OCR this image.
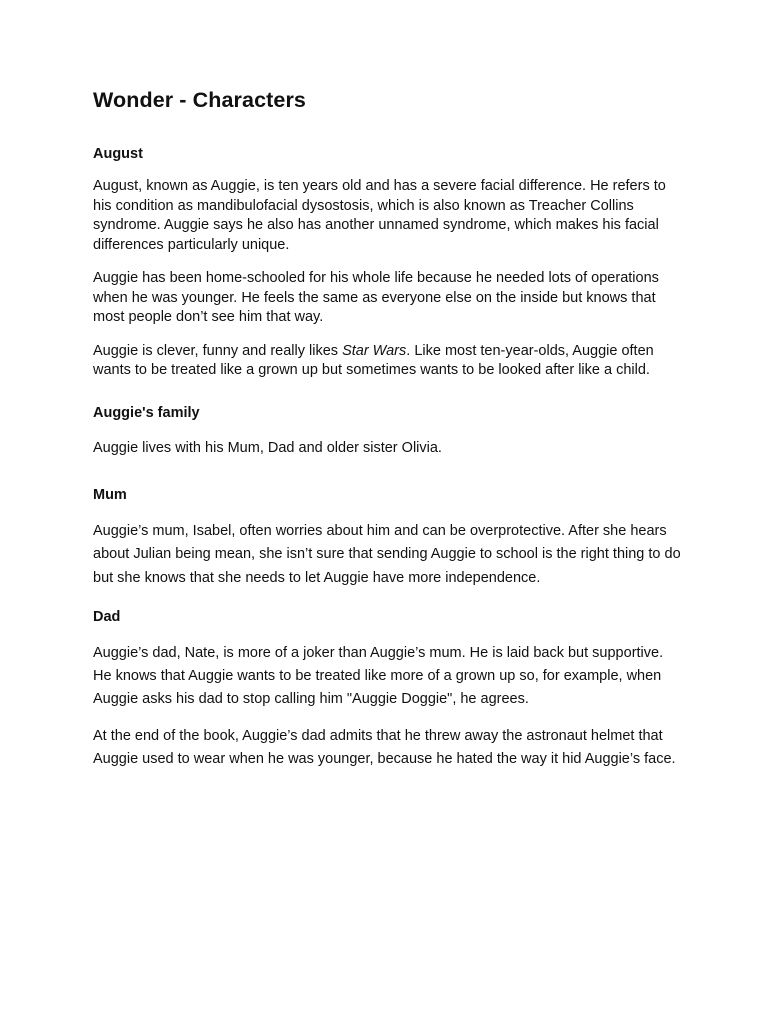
Wonder - Characters
August

August, known as Auggie, is ten years old and has a severe facial difference. He refers to his condition as mandibulofacial dysostosis, which is also known as Treacher Collins syndrome. Auggie says he also has another unnamed syndrome, which makes his facial differences particularly unique.

Auggie has been home-schooled for his whole life because he needed lots of operations when he was younger. He feels the same as everyone else on the inside but knows that most people don’t see him that way.

Auggie is clever, funny and really likes Star Wars. Like most ten-year-olds, Auggie often wants to be treated like a grown up but sometimes wants to be looked after like a child.

Auggie's family

Auggie lives with his Mum, Dad and older sister Olivia.

Mum

Auggie’s mum, Isabel, often worries about him and can be overprotective. After she hears about Julian being mean, she isn’t sure that sending Auggie to school is the right thing to do but she knows that she needs to let Auggie have more independence.

Dad

Auggie’s dad, Nate, is more of a joker than Auggie’s mum. He is laid back but supportive. He knows that Auggie wants to be treated like more of a grown up so, for example, when Auggie asks his dad to stop calling him "Auggie Doggie", he agrees.

At the end of the book, Auggie’s dad admits that he threw away the astronaut helmet that Auggie used to wear when he was younger, because he hated the way it hid Auggie’s face.
